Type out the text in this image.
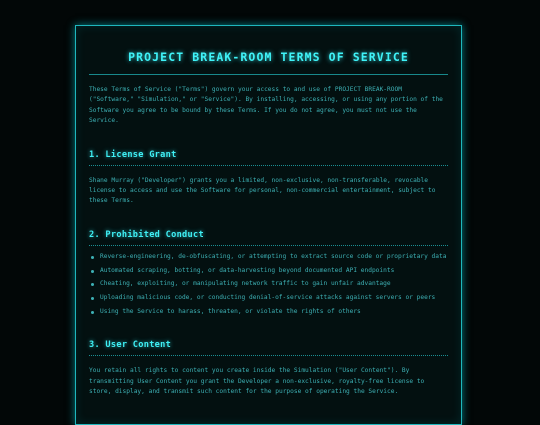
PROJECT BREAK-ROOM TERMS OF SERVICE

These Terms of Service ("Terms") govern your access to and use of PROJECT BREAK-ROOM ("Software," "Simulation," or "Service"). By installing, accessing, or using any portion of the Software you agree to be bound by these Terms. If you do not agree, you must not use the Service.

1. License Grant

Shane Murray ("Developer") grants you a limited, non-exclusive, non-transferable, revocable license to access and use the Software for personal, non-commercial entertainment, subject to these Terms.

2. Prohibited Conduct
Reverse-engineering, de-obfuscating, or attempting to extract source code or proprietary data
Automated scraping, botting, or data-harvesting beyond documented API endpoints
Cheating, exploiting, or manipulating network traffic to gain unfair advantage
Uploading malicious code, or conducting denial-of-service attacks against servers or peers
Using the Service to harass, threaten, or violate the rights of others
3. User Content

You retain all rights to content you create inside the Simulation ("User Content"). By transmitting User Content you grant the Developer a non-exclusive, royalty-free license to store, display, and transmit such content for the purpose of operating the Service.
